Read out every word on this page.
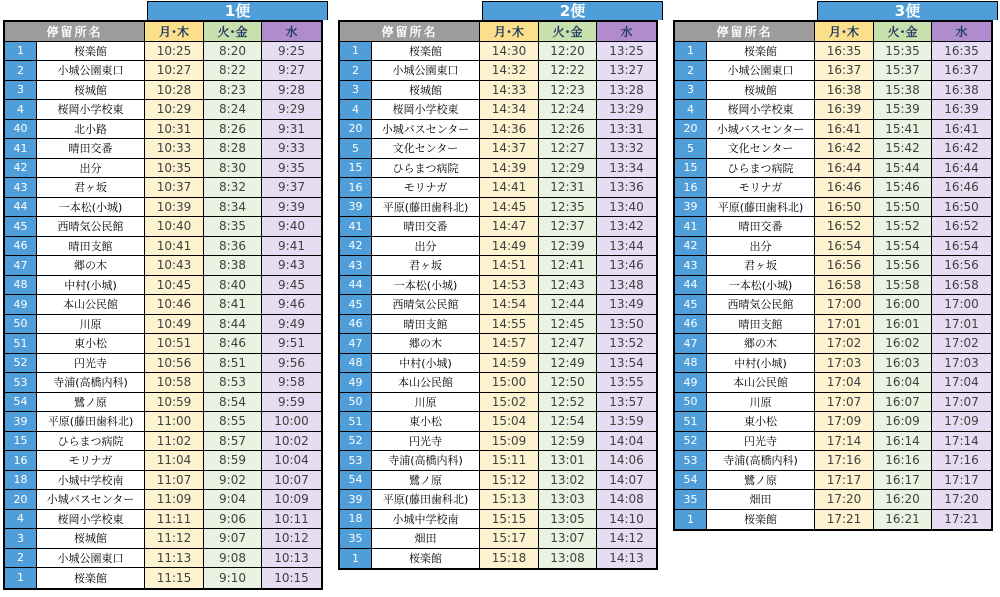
1便
停留所名		月･木	火･金	水
1	桜楽館	10:25	8:20	9:25
2	小城公園東口	10:27	8:22	9:27
3	桜城館	10:28	8:23	9:28
4	桜岡小学校東	10:29	8:24	9:29
40	北小路	10:31	8:26	9:31
41	晴田交番	10:33	8:28	9:33
42	出分	10:35	8:30	9:35
43	君ヶ坂	10:37	8:32	9:37
44	一本松(小城)	10:39	8:34	9:39
45	西晴気公民館	10:40	8:35	9:40
46	晴田支館	10:41	8:36	9:41
47	郷の木	10:43	8:38	9:43
48	中村(小城)	10:45	8:40	9:45
49	本山公民館	10:46	8:41	9:46
50	川原	10:49	8:44	9:49
51	東小松	10:51	8:46	9:51
52	円光寺	10:56	8:51	9:56
53	寺浦(高橋内科)	10:58	8:53	9:58
54	鷺ノ原	10:59	8:54	9:59
39	平原(藤田歯科北)	11:00	8:55	10:00
15	ひらまつ病院	11:02	8:57	10:02
16	モリナガ	11:04	8:59	10:04
18	小城中学校南	11:07	9:02	10:07
20	小城バスセンター	11:09	9:04	10:09
4	桜岡小学校東	11:11	9:06	10:11
3	桜城館	11:12	9:07	10:12
2	小城公園東口	11:13	9:08	10:13
1	桜楽館	11:15	9:10	10:15
2便
停留所名		月･木	火･金	水
1	桜楽館	14:30	12:20	13:25
2	小城公園東口	14:32	12:22	13:27
3	桜城館	14:33	12:23	13:28
4	桜岡小学校東	14:34	12:24	13:29
20	小城バスセンター	14:36	12:26	13:31
5	文化センター	14:37	12:27	13:32
15	ひらまつ病院	14:39	12:29	13:34
16	モリナガ	14:41	12:31	13:36
39	平原(藤田歯科北)	14:45	12:35	13:40
41	晴田交番	14:47	12:37	13:42
42	出分	14:49	12:39	13:44
43	君ヶ坂	14:51	12:41	13:46
44	一本松(小城)	14:53	12:43	13:48
45	西晴気公民館	14:54	12:44	13:49
46	晴田支館	14:55	12:45	13:50
47	郷の木	14:57	12:47	13:52
48	中村(小城)	14:59	12:49	13:54
49	本山公民館	15:00	12:50	13:55
50	川原	15:02	12:52	13:57
51	東小松	15:04	12:54	13:59
52	円光寺	15:09	12:59	14:04
53	寺浦(高橋内科)	15:11	13:01	14:06
54	鷺ノ原	15:12	13:02	14:07
39	平原(藤田歯科北)	15:13	13:03	14:08
18	小城中学校南	15:15	13:05	14:10
35	畑田	15:17	13:07	14:12
1	桜楽館	15:18	13:08	14:13
3便
停留所名		月･木	火･金	水
1	桜楽館	16:35	15:35	16:35
2	小城公園東口	16:37	15:37	16:37
3	桜城館	16:38	15:38	16:38
4	桜岡小学校東	16:39	15:39	16:39
20	小城バスセンター	16:41	15:41	16:41
5	文化センター	16:42	15:42	16:42
15	ひらまつ病院	16:44	15:44	16:44
16	モリナガ	16:46	15:46	16:46
39	平原(藤田歯科北)	16:50	15:50	16:50
41	晴田交番	16:52	15:52	16:52
42	出分	16:54	15:54	16:54
43	君ヶ坂	16:56	15:56	16:56
44	一本松(小城)	16:58	15:58	16:58
45	西晴気公民館	17:00	16:00	17:00
46	晴田支館	17:01	16:01	17:01
47	郷の木	17:02	16:02	17:02
48	中村(小城)	17:03	16:03	17:03
49	本山公民館	17:04	16:04	17:04
50	川原	17:07	16:07	17:07
51	東小松	17:09	16:09	17:09
52	円光寺	17:14	16:14	17:14
53	寺浦(高橋内科)	17:16	16:16	17:16
54	鷺ノ原	17:17	16:17	17:17
35	畑田	17:20	16:20	17:20
1	桜楽館	17:21	16:21	17:21
